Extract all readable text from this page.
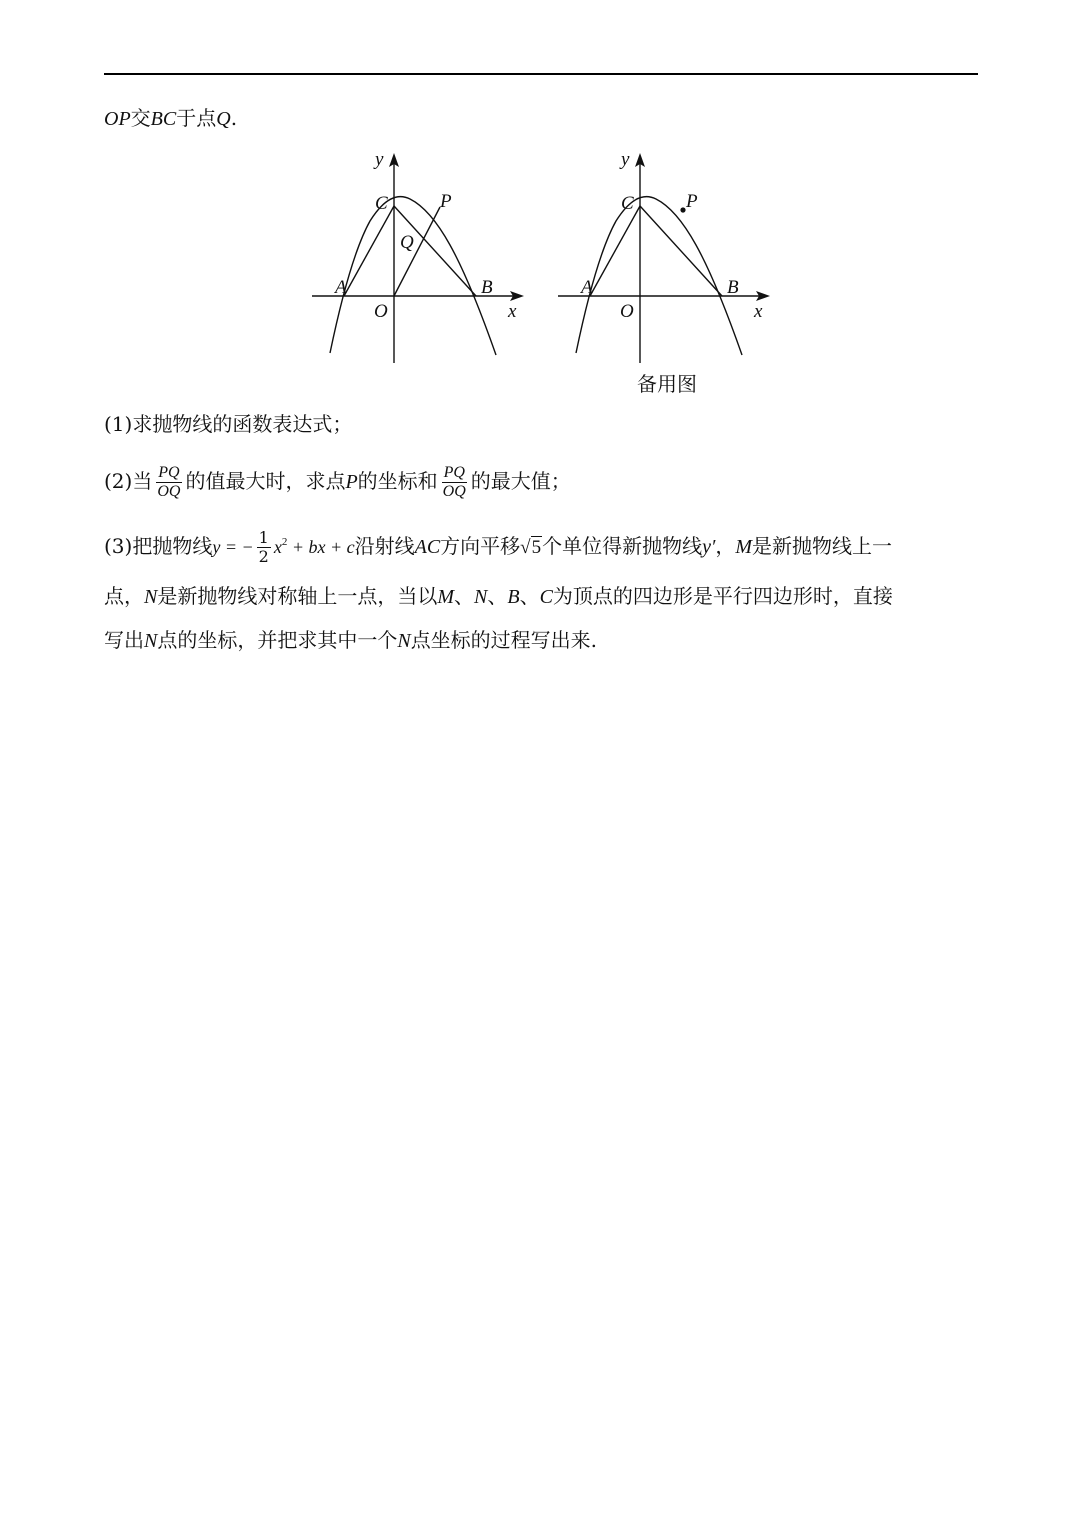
OP交BC于点Q.
y
x
O
A	B
C	P
Q
y
x
O
A	B
C	P
备用图
(1)求抛物线的函数表达式；
(2)当 $\frac{PQ}{OQ}$ 的值最大时，求点P的坐标和 $\frac{PQ}{OQ}$ 的最大值；
(3)把抛物线y = − $\frac{1}{2} x^2$ + bx + c沿射线AC方向平移√5个单位得新抛物线y′，M是新抛物线上一
点，N是新抛物线对称轴上一点，当以M、N、B、C为顶点的四边形是平行四边形时，直接
写出N点的坐标，并把求其中一个N点坐标的过程写出来.
